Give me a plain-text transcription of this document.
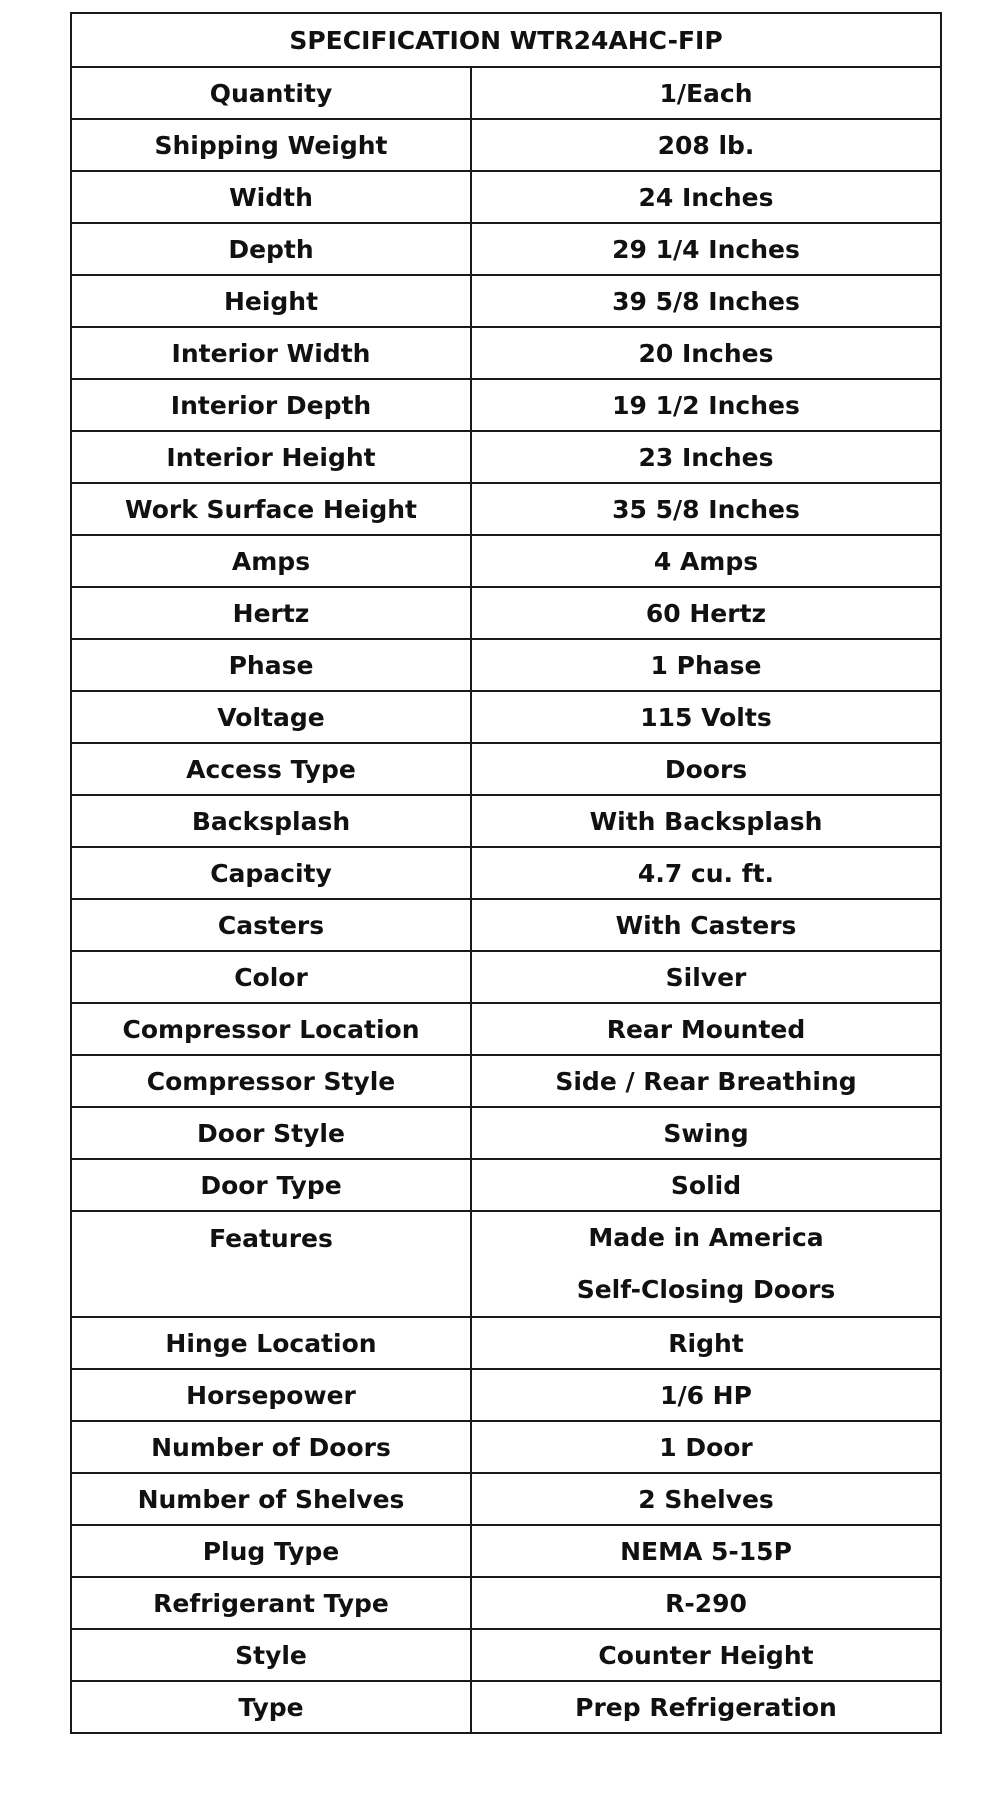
SPECIFICATION WTR24AHC-FIP	
Quantity	1/Each
Shipping Weight	208 lb.
Width	24 Inches
Depth	29 1/4 Inches
Height	39 5/8 Inches
Interior Width	20 Inches
Interior Depth	19 1/2 Inches
Interior Height	23 Inches
Work Surface Height	35 5/8 Inches
Amps	4 Amps
Hertz	60 Hertz
Phase	1 Phase
Voltage	115 Volts
Access Type	Doors
Backsplash	With Backsplash
Capacity	4.7 cu. ft.
Casters	With Casters
Color	Silver
Compressor Location	Rear Mounted
Compressor Style	Side / Rear Breathing
Door Style	Swing
Door Type	Solid
Features	Made in America
Self-Closing Doors

Hinge Location	Right
Horsepower	1/6 HP
Number of Doors	1 Door
Number of Shelves	2 Shelves
Plug Type	NEMA 5-15P
Refrigerant Type	R-290
Style	Counter Height
Type	Prep Refrigeration
